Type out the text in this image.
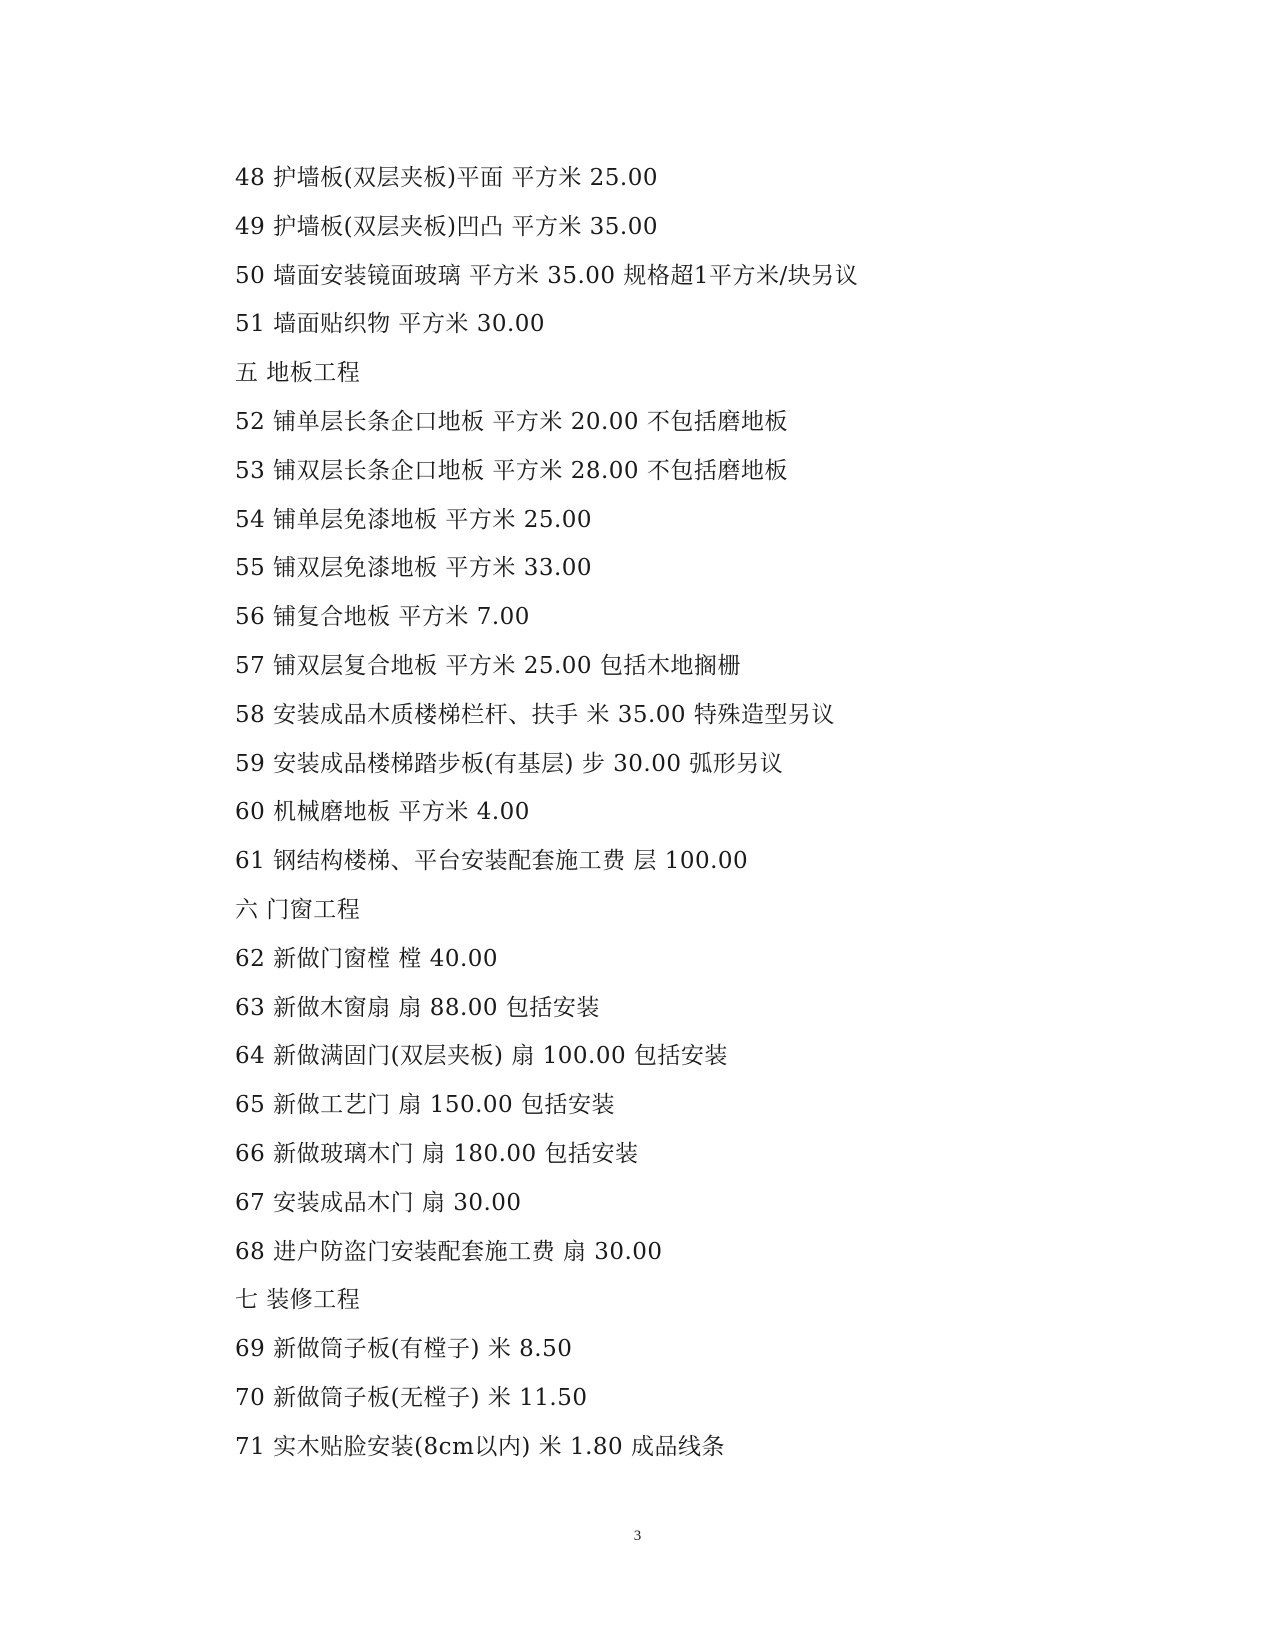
48 护墙板(双层夹板)平面 平方米 25.00
49 护墙板(双层夹板)凹凸 平方米 35.00
50 墙面安装镜面玻璃 平方米 35.00 规格超1平方米/块另议
51 墙面贴织物 平方米 30.00
五 地板工程
52 铺单层长条企口地板 平方米 20.00 不包括磨地板
53 铺双层长条企口地板 平方米 28.00 不包括磨地板
54 铺单层免漆地板 平方米 25.00
55 铺双层免漆地板 平方米 33.00
56 铺复合地板 平方米 7.00
57 铺双层复合地板 平方米 25.00 包括木地搁栅
58 安装成品木质楼梯栏杆、扶手 米 35.00 特殊造型另议
59 安装成品楼梯踏步板(有基层) 步 30.00 弧形另议
60 机械磨地板 平方米 4.00
61 钢结构楼梯、平台安装配套施工费 层 100.00
六 门窗工程
62 新做门窗樘 樘 40.00
63 新做木窗扇 扇 88.00 包括安装
64 新做满固门(双层夹板) 扇 100.00 包括安装
65 新做工艺门 扇 150.00 包括安装
66 新做玻璃木门 扇 180.00 包括安装
67 安装成品木门 扇 30.00
68 进户防盗门安装配套施工费 扇 30.00
七 装修工程
69 新做筒子板(有樘子) 米 8.50
70 新做筒子板(无樘子) 米 11.50
71 实木贴脸安装(8cm以内) 米 1.80 成品线条
3
